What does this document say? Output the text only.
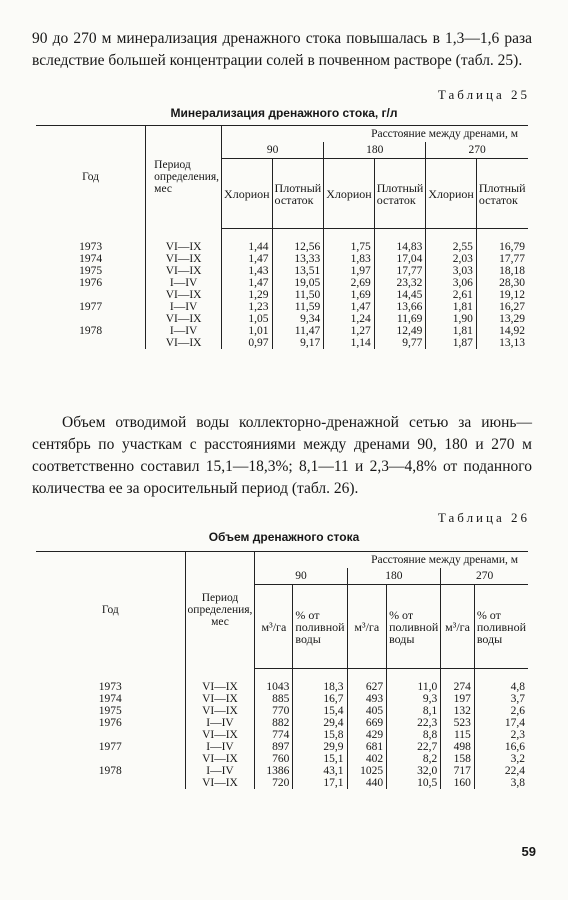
90 до 270 м минерализация дренажного стока повышалась в 1,3—1,6 раза вследствие большей концентрации солей в почвенном растворе (табл. 25).

Таблица 25
Минерализация дренажного стока, г/л
Год	Период определения, мес	Расстояние между дренами, м					
		90		180		270	
		Хлорион	Плотный остаток	Хлорион	Плотный остаток	Хлорион	Плотный остаток
1973	VI—IX	1,44	12,56	1,75	14,83	2,55	16,79
1974	VI—IX	1,47	13,33	1,83	17,04	2,03	17,77
1975	VI—IX	1,43	13,51	1,97	17,77	3,03	18,18
1976	I—IV	1,47	19,05	2,69	23,32	3,06	28,30
	VI—IX	1,29	11,50	1,69	14,45	2,61	19,12
1977	I—IV	1,23	11,59	1,47	13,66	1,81	16,27
	VI—IX	1,05	9,34	1,24	11,69	1,90	13,29
1978	I—IV	1,01	11,47	1,27	12,49	1,81	14,92
	VI—IX	0,97	9,17	1,14	9,77	1,87	13,13

Объем отводимой воды коллекторно-дренажной сетью за июнь—сентябрь по участкам с расстояниями между дренами 90, 180 и 270 м соответственно составил 15,1—18,3%; 8,1—11 и 2,3—4,8% от поданного количества ее за оросительный период (табл. 26).

Таблица 26
Объем дренажного стока
Год	Период определения, мес	Расстояние между дренами, м					
		90		180		270	
		м³/га	% от поливной воды	м³/га	% от поливной воды	м³/га	% от поливной воды
1973	VI—IX	1043	18,3	627	11,0	274	4,8
1974	VI—IX	885	16,7	493	9,3	197	3,7
1975	VI—IX	770	15,4	405	8,1	132	2,6
1976	I—IV	882	29,4	669	22,3	523	17,4
	VI—IX	774	15,8	429	8,8	115	2,3
1977	I—IV	897	29,9	681	22,7	498	16,6
	VI—IX	760	15,1	402	8,2	158	3,2
1978	I—IV	1386	43,1	1025	32,0	717	22,4
	VI—IX	720	17,1	440	10,5	160	3,8
59
